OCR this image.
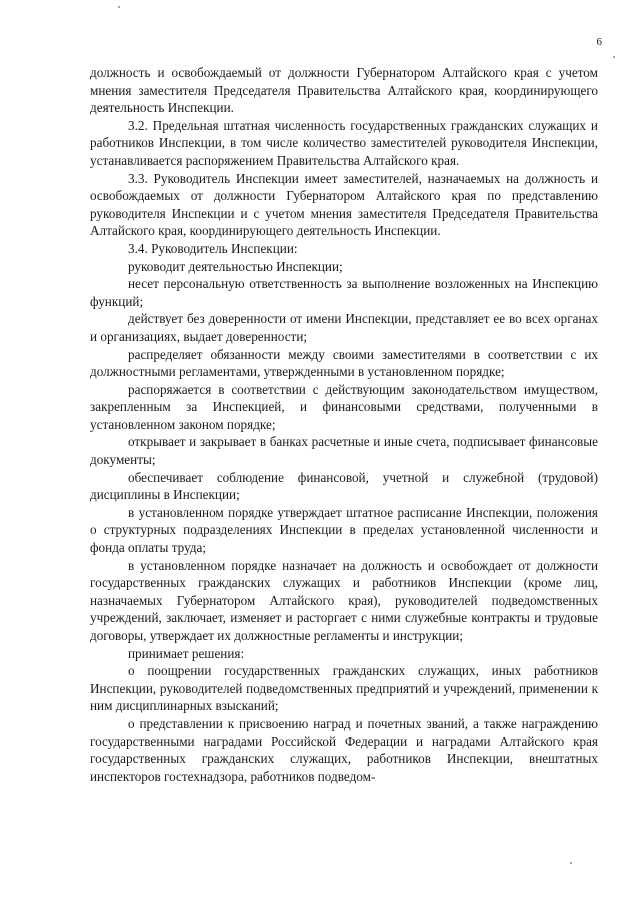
6

должность и освобождаемый от должности Губернатором Алтайского края с учетом мнения заместителя Председателя Правительства Алтайского края, координирующего деятельность Инспекции.

3.2. Предельная штатная численность государственных гражданских служащих и работников Инспекции, в том числе количество заместителей руководителя Инспекции, устанавливается распоряжением Правительства Алтайского края.

3.3. Руководитель Инспекции имеет заместителей, назначаемых на должность и освобождаемых от должности Губернатором Алтайского края по представлению руководителя Инспекции и с учетом мнения заместителя Председателя Правительства Алтайского края, координирующего деятельность Инспекции.

3.4. Руководитель Инспекции:

руководит деятельностью Инспекции;

несет персональную ответственность за выполнение возложенных на Инспекцию функций;

действует без доверенности от имени Инспекции, представляет ее во всех органах и организациях, выдает доверенности;

распределяет обязанности между своими заместителями в соответствии с их должностными регламентами, утвержденными в установленном порядке;

распоряжается в соответствии с действующим законодательством имуществом, закрепленным за Инспекцией, и финансовыми средствами, полученными в установленном законом порядке;

открывает и закрывает в банках расчетные и иные счета, подписывает финансовые документы;

обеспечивает соблюдение финансовой, учетной и служебной (трудовой) дисциплины в Инспекции;

в установленном порядке утверждает штатное расписание Инспекции, положения о структурных подразделениях Инспекции в пределах установленной численности и фонда оплаты труда;

в установленном порядке назначает на должность и освобождает от должности государственных гражданских служащих и работников Инспекции (кроме лиц, назначаемых Губернатором Алтайского края), руководителей подведомственных учреждений, заключает, изменяет и расторгает с ними служебные контракты и трудовые договоры, утверждает их должностные регламенты и инструкции;

принимает решения:

о поощрении государственных гражданских служащих, иных работников Инспекции, руководителей подведомственных предприятий и учреждений, применении к ним дисциплинарных взысканий;

о представлении к присвоению наград и почетных званий, а также награждению государственными наградами Российской Федерации и наградами Алтайского края государственных гражданских служащих, работников Инспекции, внештатных инспекторов гостехнадзора, работников подведом-
